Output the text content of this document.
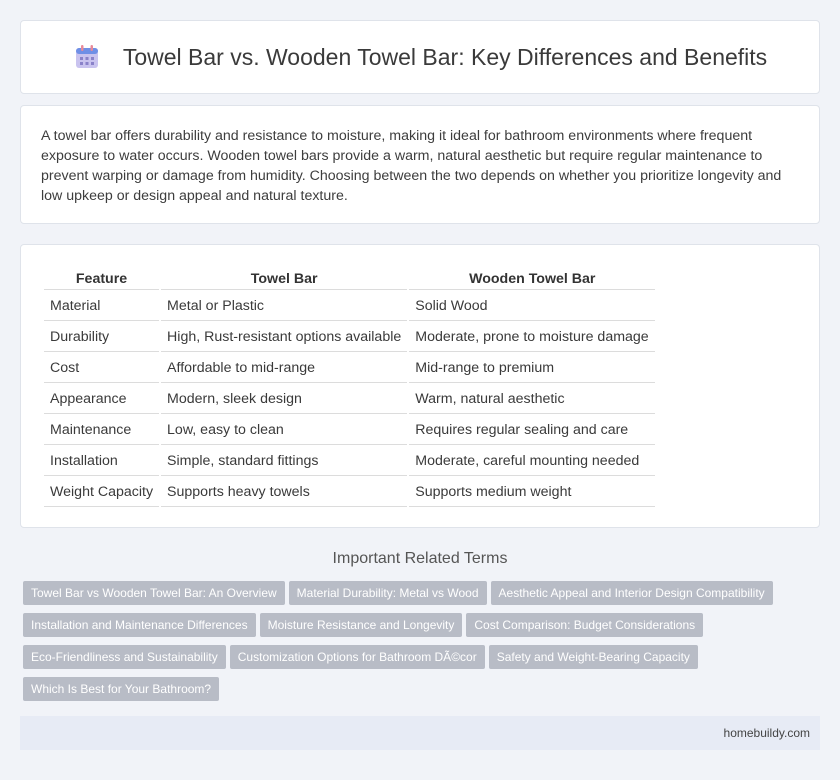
Towel Bar vs. Wooden Towel Bar: Key Differences and Benefits

A towel bar offers durability and resistance to moisture, making it ideal for bathroom environments where frequent exposure to water occurs. Wooden towel bars provide a warm, natural aesthetic but require regular maintenance to prevent warping or damage from humidity. Choosing between the two depends on whether you prioritize longevity and low upkeep or design appeal and natural texture.

Feature	Towel Bar	Wooden Towel Bar
Material	Metal or Plastic	Solid Wood
Durability	High, Rust-resistant options available	Moderate, prone to moisture damage
Cost	Affordable to mid-range	Mid-range to premium
Appearance	Modern, sleek design	Warm, natural aesthetic
Maintenance	Low, easy to clean	Requires regular sealing and care
Installation	Simple, standard fittings	Moderate, careful mounting needed
Weight Capacity	Supports heavy towels	Supports medium weight
Important Related Terms
Towel Bar vs Wooden Towel Bar: An Overview Material Durability: Metal vs Wood Aesthetic Appeal and Interior Design CompatibilityInstallation and Maintenance Differences Moisture Resistance and Longevity Cost Comparison: Budget ConsiderationsEco-Friendliness and Sustainability Customization Options for Bathroom DÃ©cor Safety and Weight-Bearing CapacityWhich Is Best for Your Bathroom?
homebuildy.com
